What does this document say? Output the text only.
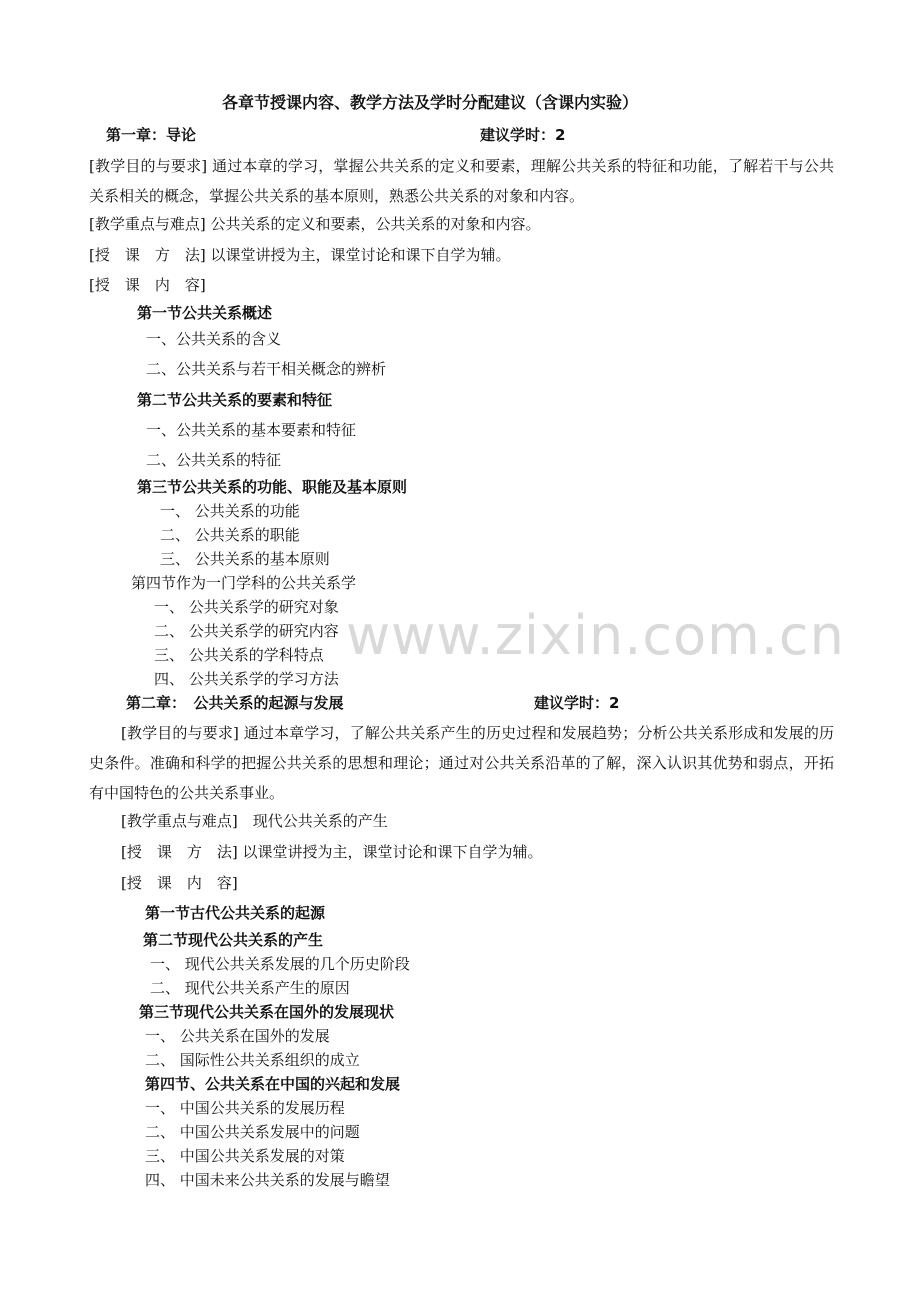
www.zixin.com.cn
各章节授课内容、教学方法及学时分配建议（含课内实验）
第一章：导论	建议学时：2
[教学目的与要求] 通过本章的学习，掌握公共关系的定义和要素，理解公共关系的特征和功能，了解若干与公共关系相关的概念，掌握公共关系的基本原则，熟悉公共关系的对象和内容。
[教学重点与难点] 公共关系的定义和要素，公共关系的对象和内容。
[授　课　方　法] 以课堂讲授为主，课堂讨论和课下自学为辅。
[授　课　内　容]
第一节公共关系概述
一、公共关系的含义
二、公共关系与若干相关概念的辨析
第二节公共关系的要素和特征
一、公共关系的基本要素和特征
二、公共关系的特征
第三节公共关系的功能、职能及基本原则
一、 公共关系的功能
二、 公共关系的职能
三、 公共关系的基本原则
第四节作为一门学科的公共关系学
一、 公共关系学的研究对象
二、 公共关系学的研究内容
三、 公共关系的学科特点
四、 公共关系学的学习方法
第二章：　公共关系的起源与发展	建议学时：2
[教学目的与要求] 通过本章学习，了解公共关系产生的历史过程和发展趋势；分析公共关系形成和发展的历史条件。准确和科学的把握公共关系的思想和理论；通过对公共关系沿革的了解，深入认识其优势和弱点，开拓有中国特色的公共关系事业。
[教学重点与难点]　现代公共关系的产生
[授　课　方　法] 以课堂讲授为主，课堂讨论和课下自学为辅。
[授　课　内　容]
第一节古代公共关系的起源
第二节现代公共关系的产生
一、 现代公共关系发展的几个历史阶段
二、 现代公共关系产生的原因
第三节现代公共关系在国外的发展现状
一、 公共关系在国外的发展
二、 国际性公共关系组织的成立
第四节、公共关系在中国的兴起和发展
一、 中国公共关系的发展历程
二、 中国公共关系发展中的问题
三、 中国公共关系发展的对策
四、 中国未来公共关系的发展与瞻望
